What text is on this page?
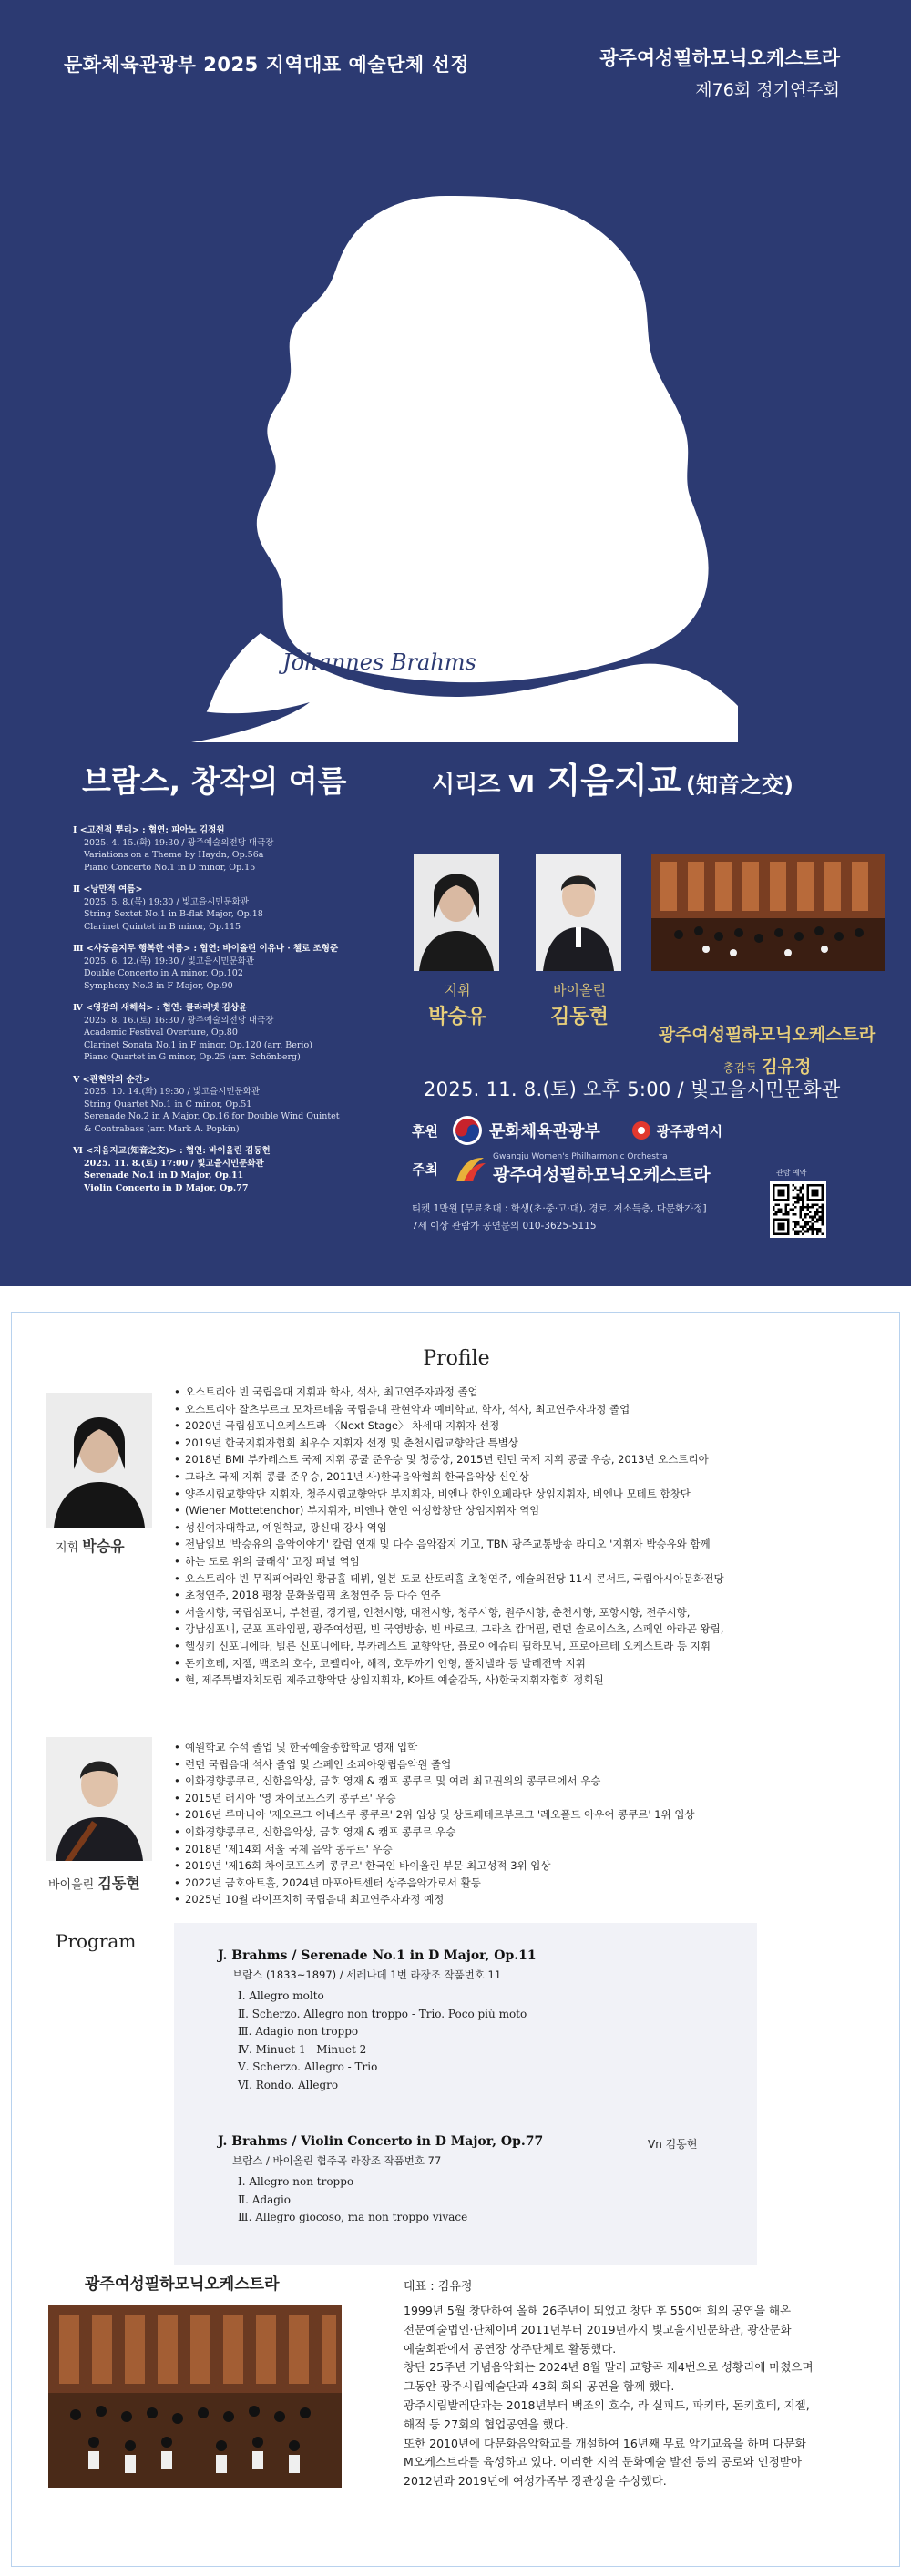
문화체육관광부 2025 지역대표 예술단체 선정	광주여성필하모닉오케스트라
제76회 정기연주회
Johannes Brahms
브람스, 창작의 여름	시리즈 Ⅵ 지음지교 (知音之交)
Ⅰ <고전적 뿌리> : 협연: 피아노 김정원
2025. 4. 15.(화) 19:30 / 광주예술의전당 대극장
Variations on a Theme by Haydn, Op.56a
Piano Concerto No.1 in D minor, Op.15
Ⅱ <낭만적 여름>
2025. 5. 8.(목) 19:30 / 빛고을시민문화관
String Sextet No.1 in B-flat Major, Op.18
Clarinet Quintet in B minor, Op.115
Ⅲ <사중음지무 행복한 여름> : 협연: 바이올린 이유나 · 첼로 조형준
2025. 6. 12.(목) 19:30 / 빛고을시민문화관
Double Concerto in A minor, Op.102
Symphony No.3 in F Major, Op.90
Ⅳ <영감의 새해석> : 협연: 클라리넷 김상윤
2025. 8. 16.(토) 16:30 / 광주예술의전당 대극장
Academic Festival Overture, Op.80
Clarinet Sonata No.1 in F minor, Op.120 (arr. Berio)
Piano Quartet in G minor, Op.25 (arr. Schönberg)
Ⅴ <관현악의 순간>
2025. 10. 14.(화) 19:30 / 빛고을시민문화관
String Quartet No.1 in C minor, Op.51
Serenade No.2 in A Major, Op.16 for Double Wind Quintet
& Contrabass (arr. Mark A. Popkin)
Ⅵ <지음지교(知音之交)> : 협연: 바이올린 김동현
2025. 11. 8.(토) 17:00 / 빛고을시민문화관
Serenade No.1 in D Major, Op.11
Violin Concerto in D Major, Op.77
지휘
박승유
바이올린
김동현
광주여성필하모닉오케스트라
총감독 김유정
2025. 11. 8.(토) 오후 5:00 / 빛고을시민문화관
후원	문화체육관광부	광주광역시
주최
Gwangju Women's Philharmonic Orchestra
광주여성필하모닉오케스트라
티켓 1만원 [무료초대 : 학생(초·중·고·대), 경로, 저소득층, 다문화가정]
7세 이상 관람가 공연문의 010-3625-5115
관람 예약
Profile
지휘 박승유
• 오스트리아 빈 국립음대 지휘과 학사, 석사, 최고연주자과정 졸업
• 오스트리아 잘츠부르크 모차르테움 국립음대 관현악과 예비학교, 학사, 석사, 최고연주자과정 졸업
• 2020년 국립심포니오케스트라 〈Next Stage〉 차세대 지휘자 선정
• 2019년 한국지휘자협회 최우수 지휘자 선정 및 춘천시립교향악단 특별상
• 2018년 BMI 부카레스트 국제 지휘 콩쿨 준우승 및 청중상, 2015년 런던 국제 지휘 콩쿨 우승, 2013년 오스트리아
• 그라츠 국제 지휘 콩쿨 준우승, 2011년 사)한국음악협회 한국음악상 신인상
• 양주시립교향악단 지휘자, 청주시립교향악단 부지휘자, 비엔나 한인오페라단 상임지휘자, 비엔나 모테트 합창단
• (Wiener Mottetenchor) 부지휘자, 비엔나 한인 여성합창단 상임지휘자 역임
• 성신여자대학교, 예원학교, 광신대 강사 역임
• 전남일보 '박승유의 음악이야기' 칼럼 연재 및 다수 음악잡지 기고, TBN 광주교통방송 라디오 '지휘자 박승유와 함께
• 하는 도로 위의 클래식' 고정 패널 역임
• 오스트리아 빈 무직페어라인 황금홀 데뷔, 일본 도쿄 산토리홀 초청연주, 예술의전당 11시 콘서트, 국립아시아문화전당
• 초청연주, 2018 평창 문화올림픽 초청연주 등 다수 연주
• 서울시향, 국립심포니, 부천필, 경기필, 인천시향, 대전시향, 청주시향, 원주시향, 춘천시향, 포항시향, 전주시향,
• 강남심포니, 군포 프라임필, 광주여성필, 빈 국영방송, 빈 바로크, 그라츠 캄머필, 런던 솔로이스츠, 스페인 아라곤 왕립,
• 헬싱키 신포니에타, 빌른 신포니에타, 부카레스트 교향악단, 플로이에슈티 필하모닉, 프로아르테 오케스트라 등 지휘
• 돈키호테, 지젤, 백조의 호수, 코펠리아, 해적, 호두까기 인형, 풀치넬라 등 발레전막 지휘
• 현, 제주특별자치도립 제주교향악단 상임지휘자, K아트 예술감독, 사)한국지휘자협회 정회원
바이올린 김동현
• 예원학교 수석 졸업 및 한국예술종합학교 영재 입학
• 런던 국립음대 석사 졸업 및 스페인 소피아왕립음악원 졸업
• 이화경향콩쿠르, 신한음악상, 금호 영재 & 캠프 콩쿠르 및 여러 최고권위의 콩쿠르에서 우승
• 2015년 러시아 '영 차이코프스키 콩쿠르' 우승
• 2016년 루마니아 '제오르그 에네스쿠 콩쿠르' 2위 입상 및 상트페테르부르크 '레오폴드 아우어 콩쿠르' 1위 입상
• 이화경향콩쿠르, 신한음악상, 금호 영재 & 캠프 콩쿠르 우승
• 2018년 '제14회 서울 국제 음악 콩쿠르' 우승
• 2019년 '제16회 차이코프스키 콩쿠르' 한국인 바이올린 부문 최고성적 3위 입상
• 2022년 금호아트홀, 2024년 마포아트센터 상주음악가로서 활동
• 2025년 10월 라이프치히 국립음대 최고연주자과정 예정
Program
J. Brahms / Serenade No.1 in D Major, Op.11
브람스 (1833~1897) / 세레나데 1번 라장조 작품번호 11
Ⅰ. Allegro molto
Ⅱ. Scherzo. Allegro non troppo - Trio. Poco più moto
Ⅲ. Adagio non troppo
Ⅳ. Minuet 1 - Minuet 2
Ⅴ. Scherzo. Allegro - Trio
Ⅵ. Rondo. Allegro
J. Brahms / Violin Concerto in D Major, Op.77
브람스 / 바이올린 협주곡 라장조 작품번호 77
Ⅰ. Allegro non troppo
Ⅱ. Adagio
Ⅲ. Allegro giocoso, ma non troppo vivace
Vn 김동현
광주여성필하모닉오케스트라	대표 : 김유정

1999년 5월 창단하여 올해 26주년이 되었고 창단 후 550여 회의 공연을 해온

전문예술법인·단체이며 2011년부터 2019년까지 빛고을시민문화관, 광산문화

예술회관에서 공연장 상주단체로 활동했다.

창단 25주년 기념음악회는 2024년 8월 말러 교향곡 제4번으로 성황리에 마쳤으며

그동안 광주시립예술단과 43회 회의 공연을 함께 했다.

광주시립발레단과는 2018년부터 백조의 호수, 라 실피드, 파키타, 돈키호테, 지젤,

해적 등 27회의 협업공연을 했다.

또한 2010년에 다문화음악학교를 개설하여 16년째 무료 악기교육을 하며 다문화

M오케스트라를 육성하고 있다. 이러한 지역 문화예술 발전 등의 공로와 인정받아

2012년과 2019년에 여성가족부 장관상을 수상했다.
